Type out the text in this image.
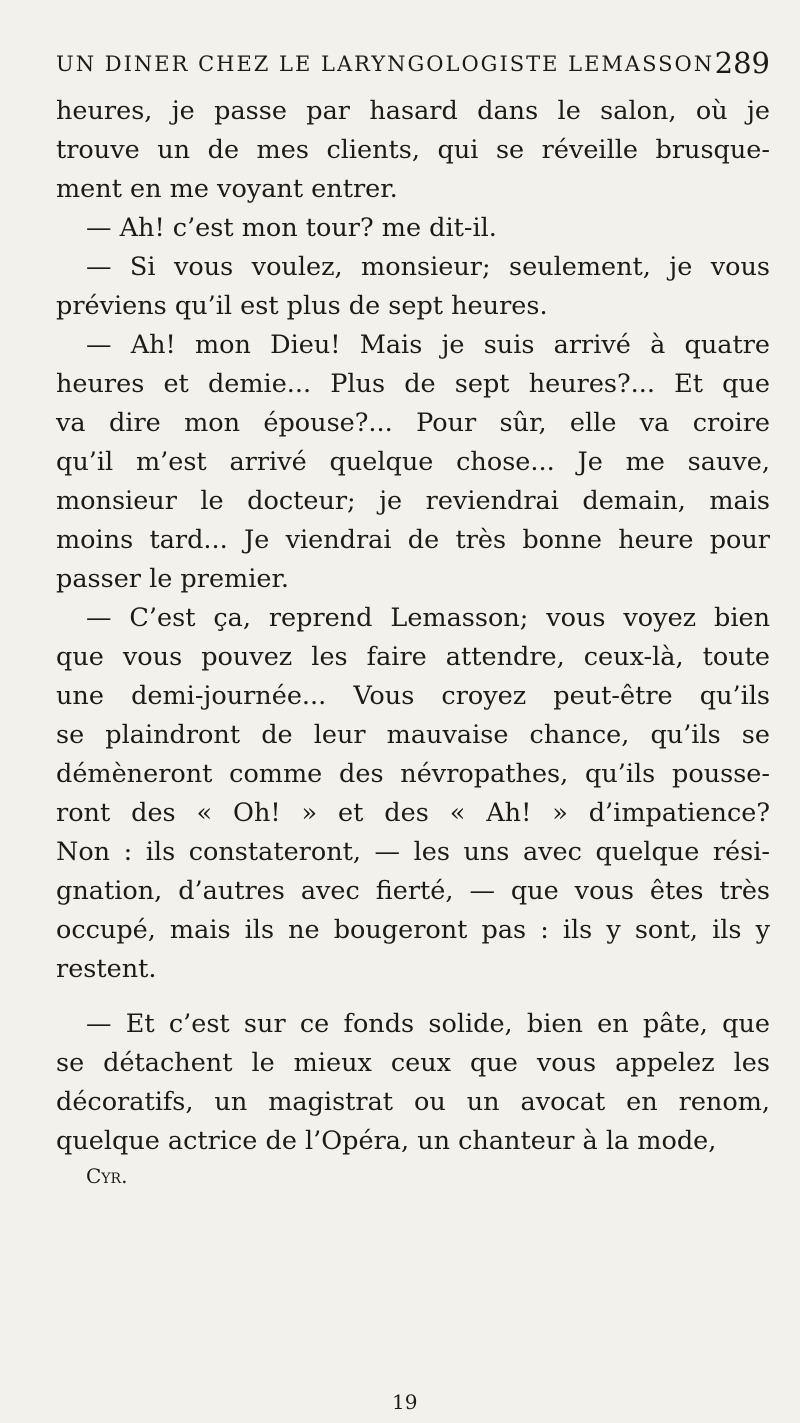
UN DINER CHEZ LE LARYNGOLOGISTE LEMASSON 289
heures, je passe par hasard dans le salon, où je
trouve un de mes clients, qui se réveille brusque-
ment en me voyant entrer.
— Ah! c’est mon tour? me dit-il.
— Si vous voulez, monsieur; seulement, je vous
préviens qu’il est plus de sept heures.
— Ah! mon Dieu! Mais je suis arrivé à quatre
heures et demie... Plus de sept heures?... Et que
va dire mon épouse?... Pour sûr, elle va croire
qu’il m’est arrivé quelque chose... Je me sauve,
monsieur le docteur; je reviendrai demain, mais
moins tard... Je viendrai de très bonne heure pour
passer le premier.
— C’est ça, reprend Lemasson; vous voyez bien
que vous pouvez les faire attendre, ceux-là, toute
une demi-journée... Vous croyez peut-être qu’ils
se plaindront de leur mauvaise chance, qu’ils se
démèneront comme des névropathes, qu’ils pousse-
ront des « Oh! » et des « Ah! » d’impatience?
Non : ils constateront, — les uns avec quelque rési-
gnation, d’autres avec fierté, — que vous êtes très
occupé, mais ils ne bougeront pas : ils y sont, ils y
restent.
— Et c’est sur ce fonds solide, bien en pâte, que
se détachent le mieux ceux que vous appelez les
décoratifs, un magistrat ou un avocat en renom,
quelque actrice de l’Opéra, un chanteur à la mode,
Cyr.
19
